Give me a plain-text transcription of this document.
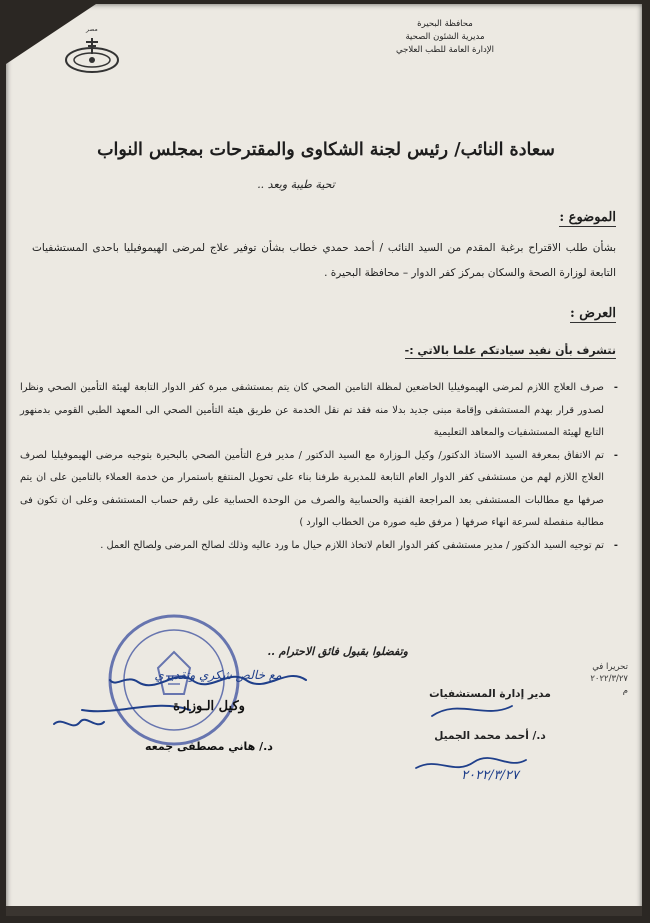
محافظة البحيرة
مديرية الشئون الصحية
الإدارة العامة للطب العلاجي
مصر
سعادة النائب/ رئيس لجنة الشكاوى والمقترحات بمجلس النواب
تحية طيبة وبعد ..
الموضوع :
بشأن طلب الاقتراح برغبة المقدم من السيد النائب / أحمد حمدي خطاب بشأن توفير علاج لمرضى الهيموفيليا باحدى المستشفيات التابعة لوزارة الصحة والسكان بمركز كفر الدوار – محافظة البحيرة .
العرض :
نتشرف بأن نفيد سيادتكم علما بالاتي :-
- صرف العلاج اللازم لمرضى الهيموفيليا الخاضعين لمظلة التامين الصحي كان يتم بمستشفى مبرة كفر الدوار التابعة لهيئة التأمين الصحي ونظرا لصدور قرار بهدم المستشفى وإقامة مبنى جديد بدلا منه فقد تم نقل الخدمة عن طريق هيئة التأمين الصحي الى المعهد الطبي القومي بدمنهور التابع لهيئة المستشفيات والمعاهد التعليمية
- تم الاتفاق بمعرفة السيد الاستاذ الدكتور/ وكيل الـوزارة مع السيد الدكتور / مدير فرع التأمين الصحي بالبحيرة بتوجيه مرضى الهيموفيليا لصرف العلاج اللازم لهم من مستشفى كفر الدوار العام التابعة للمديرية طرفنا بناء على تحويل المنتفع باستمرار من خدمة العملاء بالتامين على ان يتم صرفها مع مطالبات المستشفى بعد المراجعة الفنية والحسابية والصرف من الوحدة الحسابية على رقم حساب المستشفى وعلى ان تكون فى مطالبة منفصلة لسرعة انهاء صرفها ( مرفق طيه صورة من الخطاب الوارد )
- تم توجيه السيد الدكتور / مدير مستشفى كفر الدوار العام لاتخاذ اللازم حيال ما ورد عاليه وذلك لصالح المرضى ولصالح العمل .
وتفضلوا بقبول فائق الاحترام ..
تحريرا في ٢٠٢٢/٣/٢٧
م
مع خالص شكري وتقديري
٢٠٢٢/٣/٢٧
مدير إدارة المستشفيات
د./ أحمد محمد الجميل
وكيل الـوزارة
د./ هاني مصطفى جمعه
